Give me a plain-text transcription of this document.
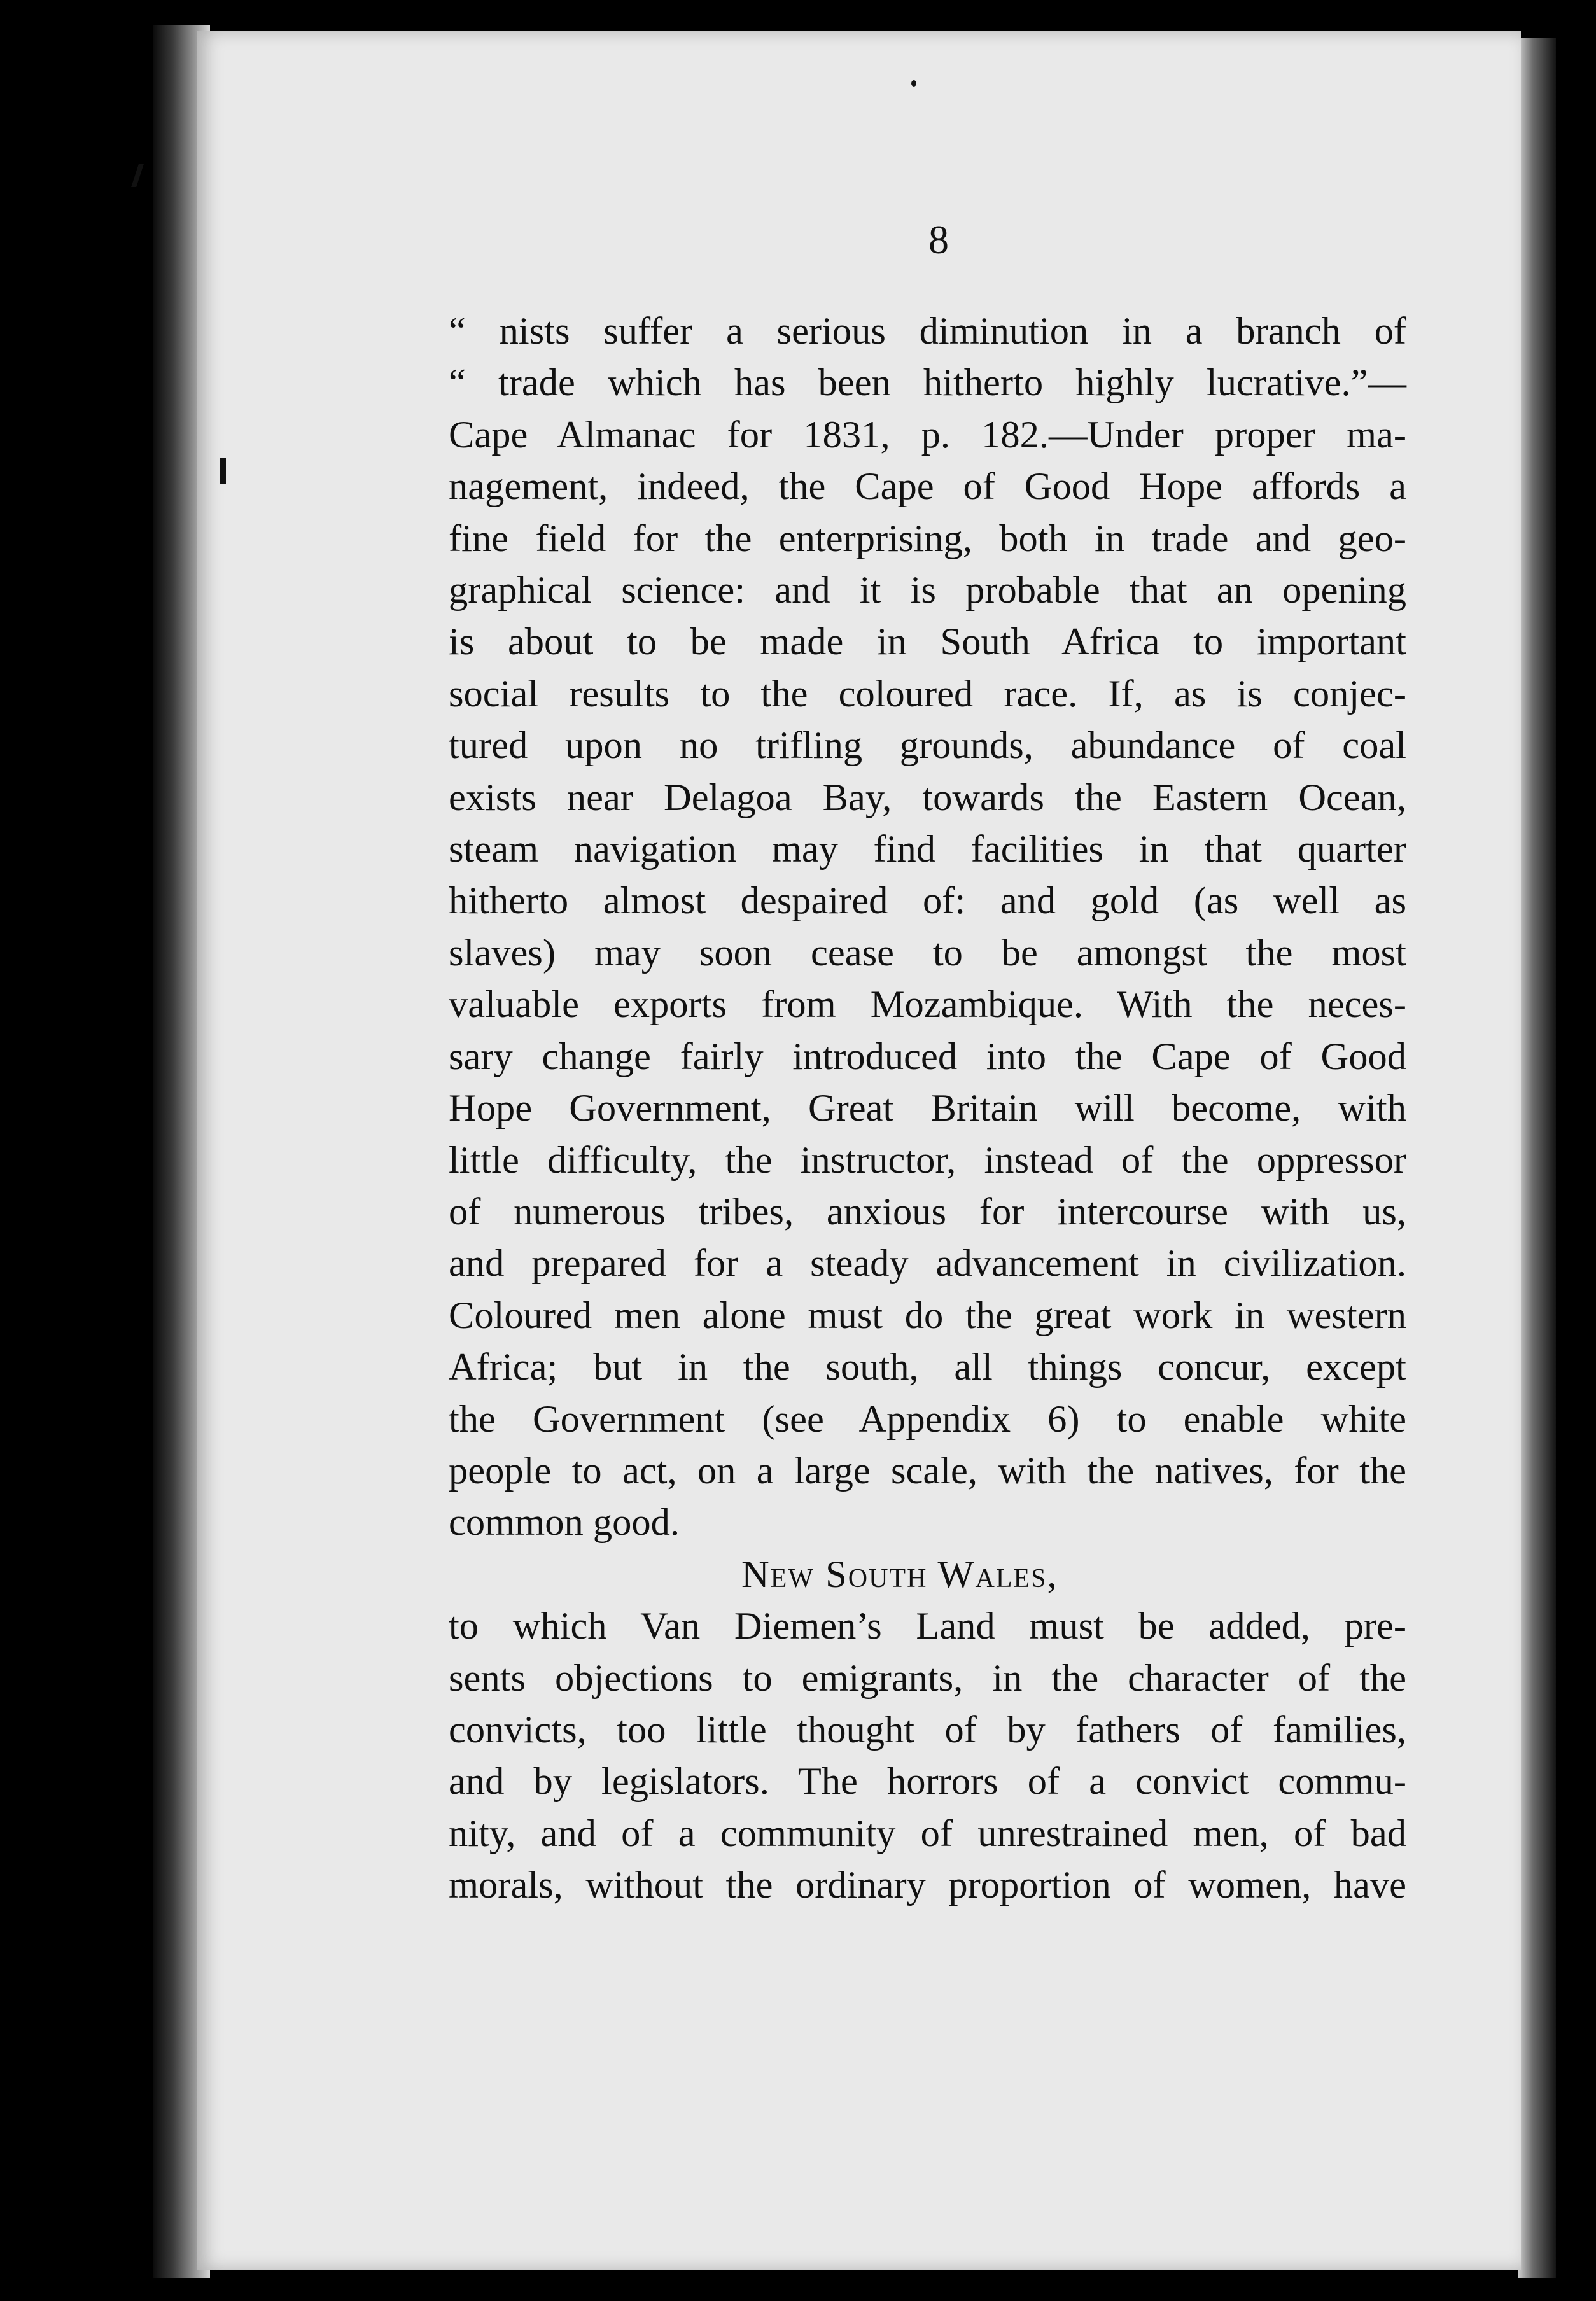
8
“ nists suffer a serious diminution in a branch of
“ trade which has been hitherto highly lucrative.”—
Cape Almanac for 1831, p. 182.—Under proper ma-
nagement, indeed, the Cape of Good Hope affords a
fine field for the enterprising, both in trade and geo-
graphical science: and it is probable that an opening
is about to be made in South Africa to important
social results to the coloured race. If, as is conjec-
tured upon no trifling grounds, abundance of coal
exists near Delagoa Bay, towards the Eastern Ocean,
steam navigation may find facilities in that quarter
hitherto almost despaired of: and gold (as well as
slaves) may soon cease to be amongst the most
valuable exports from Mozambique. With the neces-
sary change fairly introduced into the Cape of Good
Hope Government, Great Britain will become, with
little difficulty, the instructor, instead of the oppressor
of numerous tribes, anxious for intercourse with us,
and prepared for a steady advancement in civilization.
Coloured men alone must do the great work in western
Africa; but in the south, all things concur, except
the Government (see Appendix 6) to enable white
people to act, on a large scale, with the natives, for the
common good.
New South Wales,
to which Van Diemen’s Land must be added, pre-
sents objections to emigrants, in the character of the
convicts, too little thought of by fathers of families,
and by legislators. The horrors of a convict commu-
nity, and of a community of unrestrained men, of bad
morals, without the ordinary proportion of women, have
